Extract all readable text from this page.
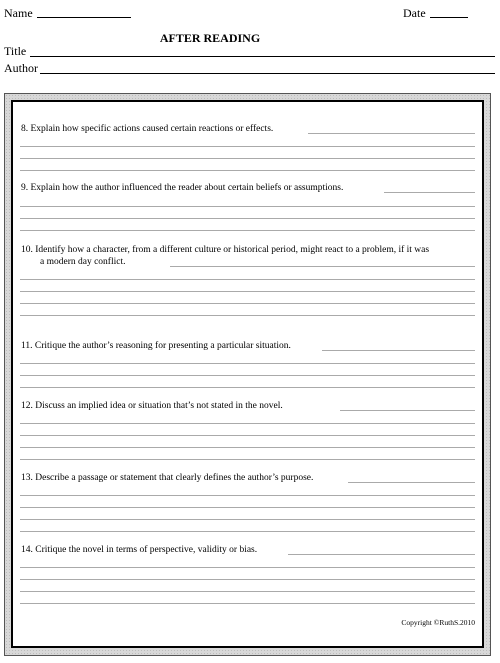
Name	Date
AFTER READING
Title
Author
8. Explain how specific actions caused certain reactions or effects.
9. Explain how the author influenced the reader about certain beliefs or assumptions.
10. Identify how a character, from a different culture or historical period, might react to a problem, if it was
a modern day conflict.
11. Critique the author’s reasoning for presenting a particular situation.
12. Discuss an implied idea or situation that’s not stated in the novel.
13. Describe a passage or statement that clearly defines the author’s purpose.
14. Critique the novel in terms of perspective, validity or bias.
Copyright ©RuthS.2010
